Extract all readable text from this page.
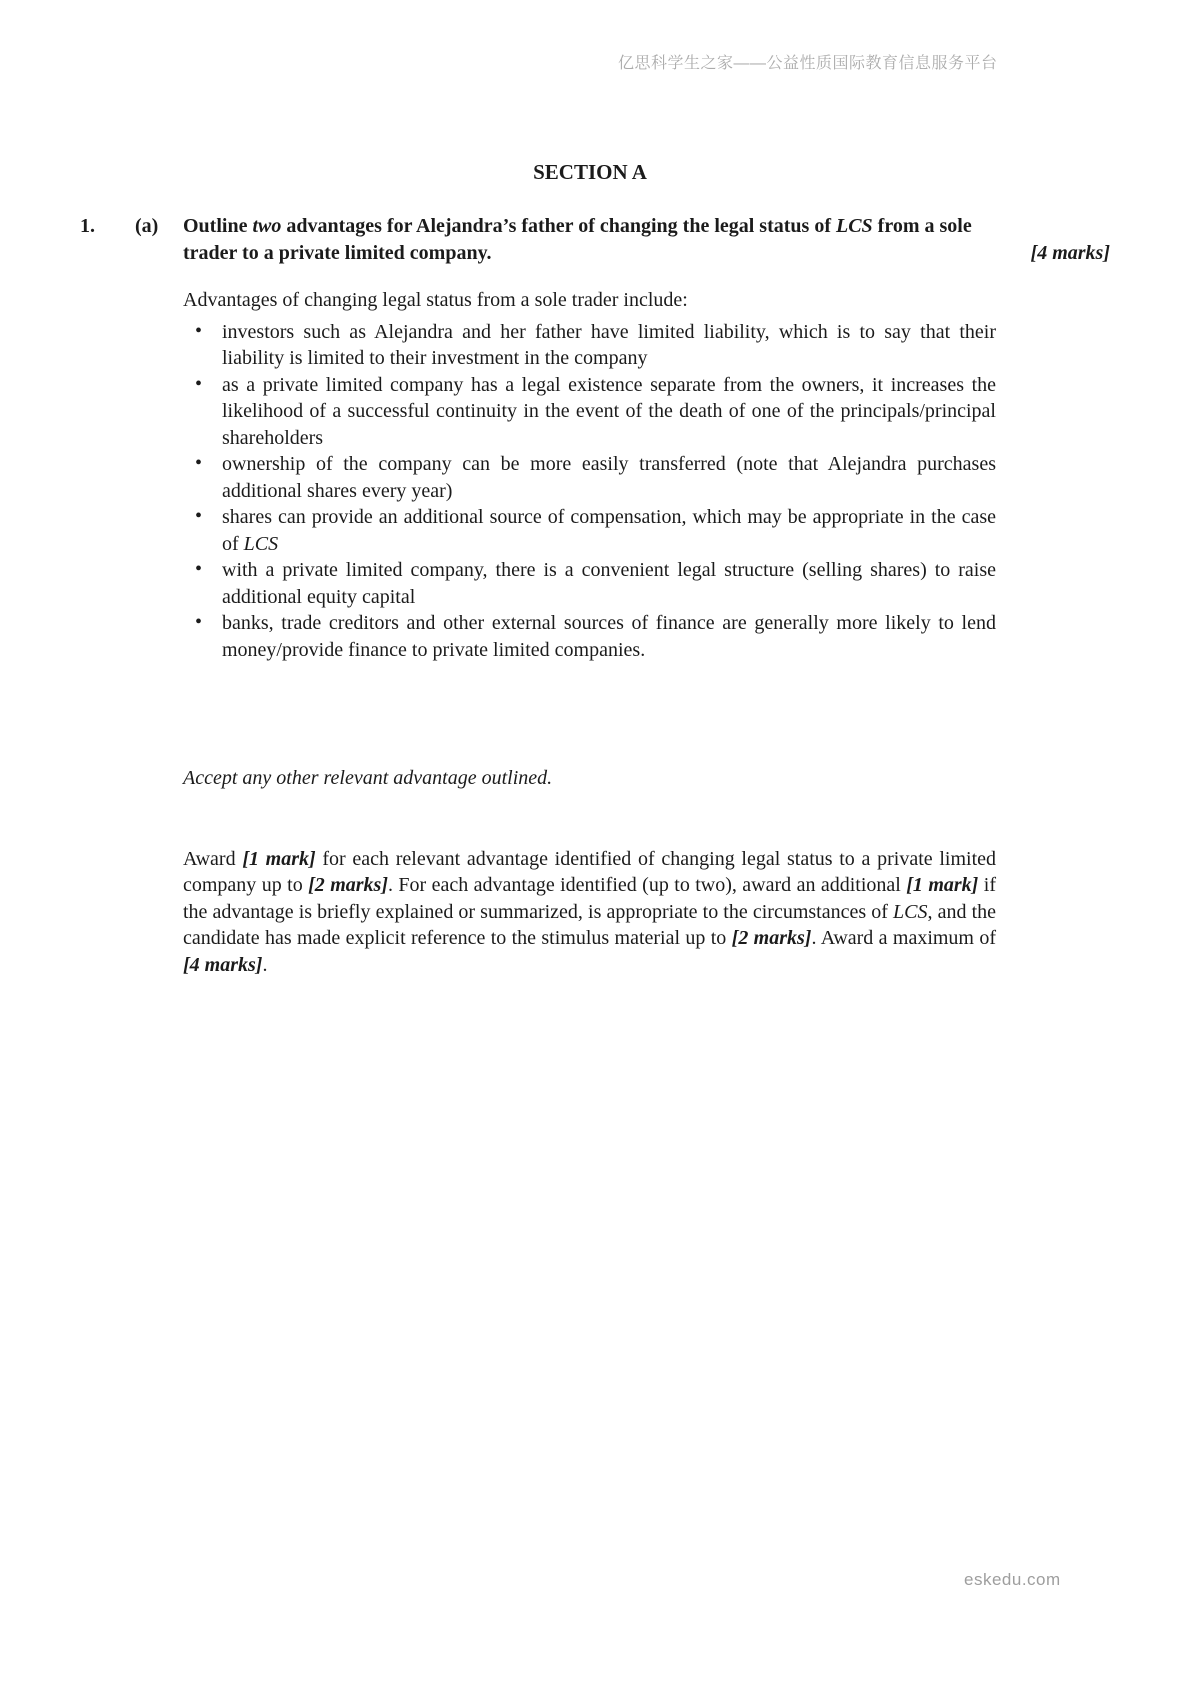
亿思科学生之家——公益性质国际教育信息服务平台
SECTION A
1. (a) Outline two advantages for Alejandra’s father of changing the legal status of LCS from a sole trader to a private limited company.	[4 marks]

Advantages of changing legal status from a sole trader include:

• investors such as Alejandra and her father have limited liability, which is to say that their liability is limited to their investment in the company
• as a private limited company has a legal existence separate from the owners, it increases the likelihood of a successful continuity in the event of the death of one of the principals/principal shareholders
• ownership of the company can be more easily transferred (note that Alejandra purchases additional shares every year)
• shares can provide an additional source of compensation, which may be appropriate in the case of LCS
• with a private limited company, there is a convenient legal structure (selling shares) to raise additional equity capital
• banks, trade creditors and other external sources of finance are generally more likely to lend money/provide finance to private limited companies.

Accept any other relevant advantage outlined.

Award [1 mark] for each relevant advantage identified of changing legal status to a private limited company up to [2 marks]. For each advantage identified (up to two), award an additional [1 mark] if the advantage is briefly explained or summarized, is appropriate to the circumstances of LCS, and the candidate has made explicit reference to the stimulus material up to [2 marks]. Award a maximum of [4 marks].

eskedu.com
